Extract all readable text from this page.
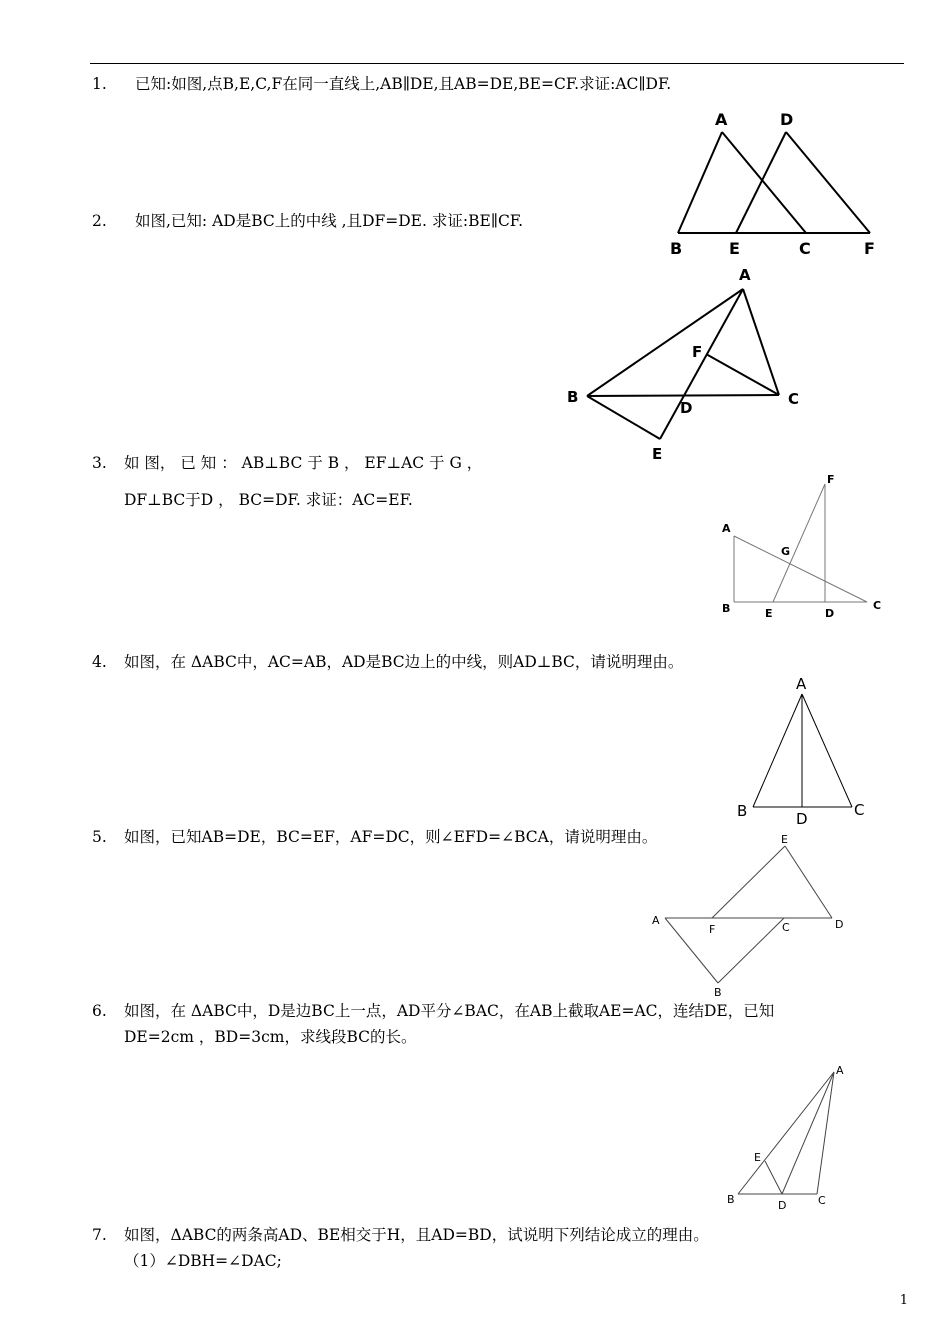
1. 已知:如图,点B,E,C,F在同一直线上,AB∥DE,且AB=DE,BE=CF.求证:AC∥DF.
2. 如图,已知: AD是BC上的中线 ,且DF=DE. 求证:BE∥CF.
3. 如 图， 已 知 ： AB⊥BC 于 B ， EF⊥AC 于 G ，
DF⊥BC于D ， BC=DF. 求证：AC=EF.
4. 如图，在 ΔABC中，AC=AB，AD是BC边上的中线，则AD⊥BC，请说明理由。
5. 如图，已知AB=DE，BC=EF，AF=DC，则∠EFD=∠BCA，请说明理由。
6. 如图，在 ΔABC中，D是边BC上一点，AD平分∠BAC，在AB上截取AE=AC，连结DE，已知
DE=2cm ，BD=3cm，求线段BC的长。
7. 如图，ΔABC的两条高AD、BE相交于H，且AD=BD，试说明下列结论成立的理由。
（1）∠DBH=∠DAC;
A	D
B	E	C	F
A
F
B
D	C
E
F
A
G
B	E	D
C
A
B	D	C
E
A
F	C	D
B
A
E
B	D	C
1
